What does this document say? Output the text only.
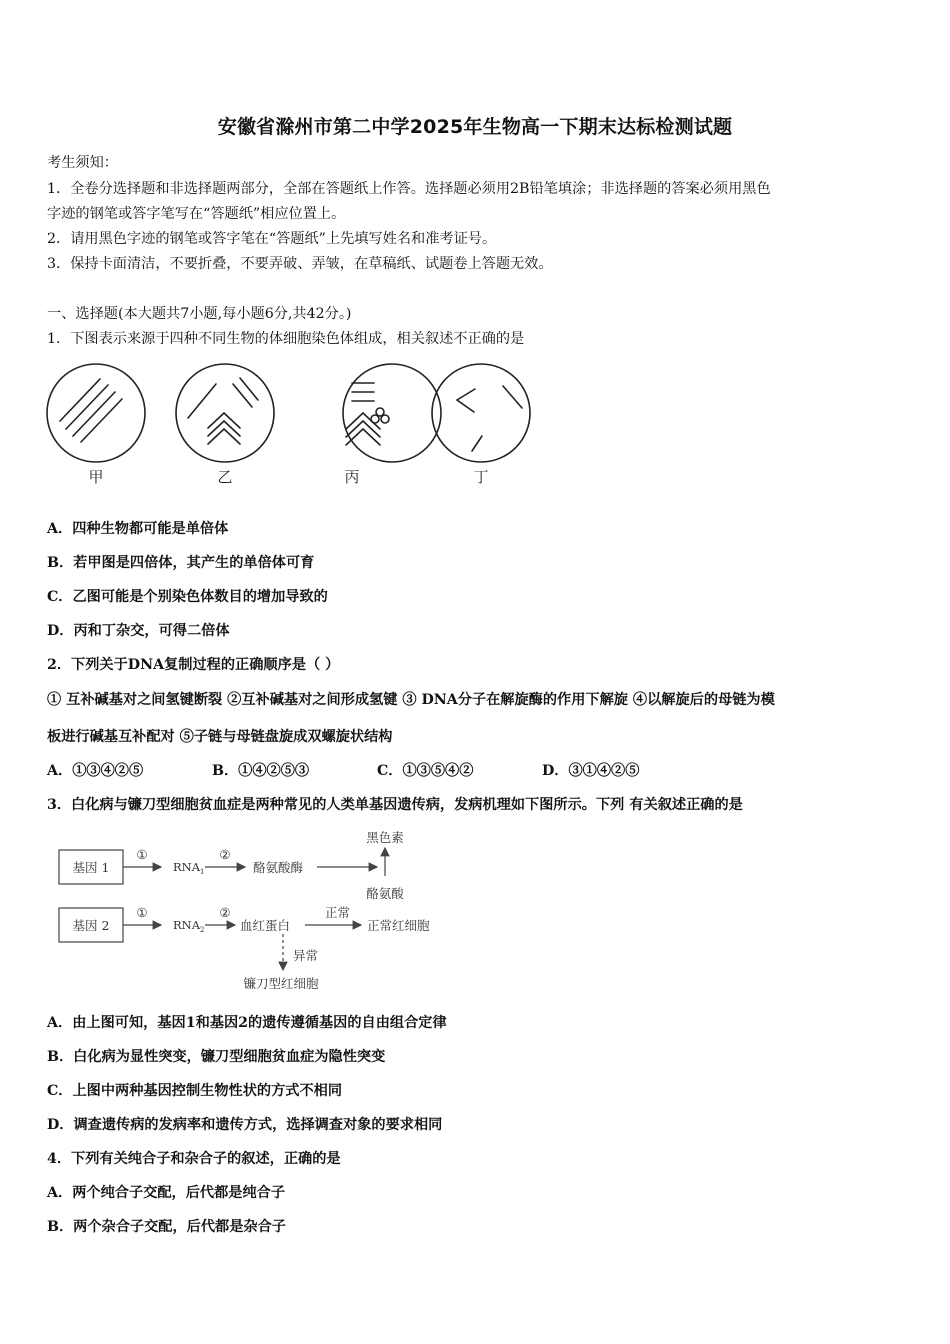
安徽省滁州市第二中学2025年生物高一下期末达标检测试题
考生须知：
1．全卷分选择题和非选择题两部分，全部在答题纸上作答。选择题必须用2B铅笔填涂；非选择题的答案必须用黑色
字迹的钢笔或答字笔写在“答题纸”相应位置上。
2．请用黑色字迹的钢笔或答字笔在“答题纸”上先填写姓名和准考证号。
3．保持卡面清洁，不要折叠，不要弄破、弄皱，在草稿纸、试题卷上答题无效。
一、选择题(本大题共7小题,每小题6分,共42分。)
1．下图表示来源于四种不同生物的体细胞染色体组成，相关叙述不正确的是
甲	乙	丙	丁
A．四种生物都可能是单倍体
B．若甲图是四倍体，其产生的单倍体可育
C．乙图可能是个别染色体数目的增加导致的
D．丙和丁杂交，可得二倍体
2．下列关于DNA复制过程的正确顺序是（ ）
① 互补碱基对之间氢键断裂 ②互补碱基对之间形成氢键 ③ DNA分子在解旋酶的作用下解旋 ④以解旋后的母链为模
板进行碱基互补配对 ⑤子链与母链盘旋成双螺旋状结构
A．①③④②⑤	B．①④②⑤③	C．①③⑤④②	D．③①④②⑤
3．白化病与镰刀型细胞贫血症是两种常见的人类单基因遗传病，发病机理如下图所示。下列 有关叙述正确的是
基因 1
基因 2
①	②
①	②
$RNA_1$
$RNA_2$
酪氨酸酶
黑色素
酪氨酸
血红蛋白
正常
正常红细胞
异常
镰刀型红细胞
A．由上图可知，基因1和基因2的遗传遵循基因的自由组合定律
B．白化病为显性突变，镰刀型细胞贫血症为隐性突变
C．上图中两种基因控制生物性状的方式不相同
D．调查遗传病的发病率和遗传方式，选择调查对象的要求相同
4．下列有关纯合子和杂合子的叙述，正确的是
A．两个纯合子交配，后代都是纯合子
B．两个杂合子交配，后代都是杂合子
